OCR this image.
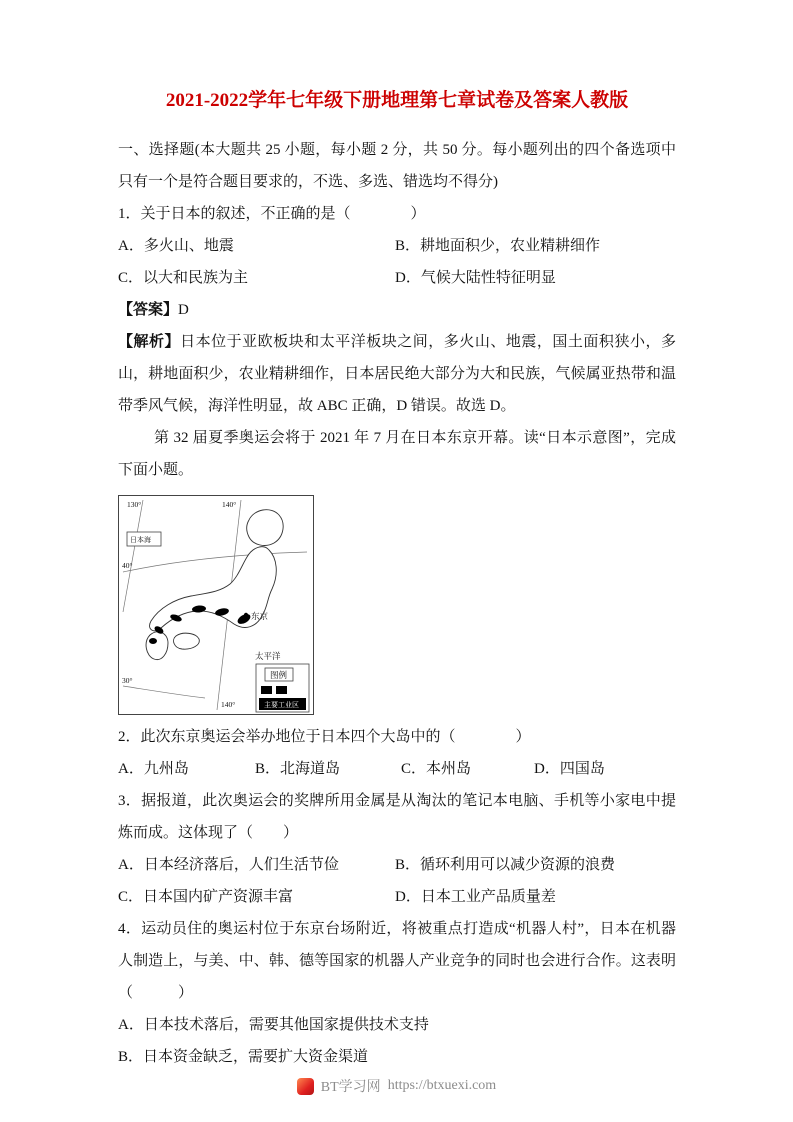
2021-2022学年七年级下册地理第七章试卷及答案人教版

一、选择题(本大题共 25 小题，每小题 2 分，共 50 分。每小题列出的四个备选项中只有一个是符合题目要求的，不选、多选、错选均不得分)

1．关于日本的叙述，不正确的是（　　　　）

A．多火山、地震	B．耕地面积少，农业精耕细作
C．以大和民族为主	D．气候大陆性特征明显

【答案】D

【解析】日本位于亚欧板块和太平洋板块之间，多火山、地震，国土面积狭小，多山，耕地面积少，农业精耕细作，日本居民绝大部分为大和民族，气候属亚热带和温带季风气候，海洋性明显，故 ABC 正确，D 错误。故选 D。

第 32 届夏季奥运会将于 2021 年 7 月在日本东京开幕。读“日本示意图”，完成下面小题。

东京
130°	140°
140°
40°
30°
日本海
太平洋
图例
主要工业区

2．此次东京奥运会举办地位于日本四个大岛中的（　　　　）

A．九州岛	B．北海道岛	C．本州岛	D．四国岛

3．据报道，此次奥运会的奖牌所用金属是从淘汰的笔记本电脑、手机等小家电中提炼而成。这体现了（　　）

A．日本经济落后，人们生活节俭	B．循环利用可以减少资源的浪费
C．日本国内矿产资源丰富	D．日本工业产品质量差

4．运动员住的奥运村位于东京台场附近，将被重点打造成“机器人村”，日本在机器人制造上，与美、中、韩、德等国家的机器人产业竞争的同时也会进行合作。这表明（　　　）

A．日本技术落后，需要其他国家提供技术支持

B．日本资金缺乏，需要扩大资金渠道

BT学习网 https://btxuexi.com
